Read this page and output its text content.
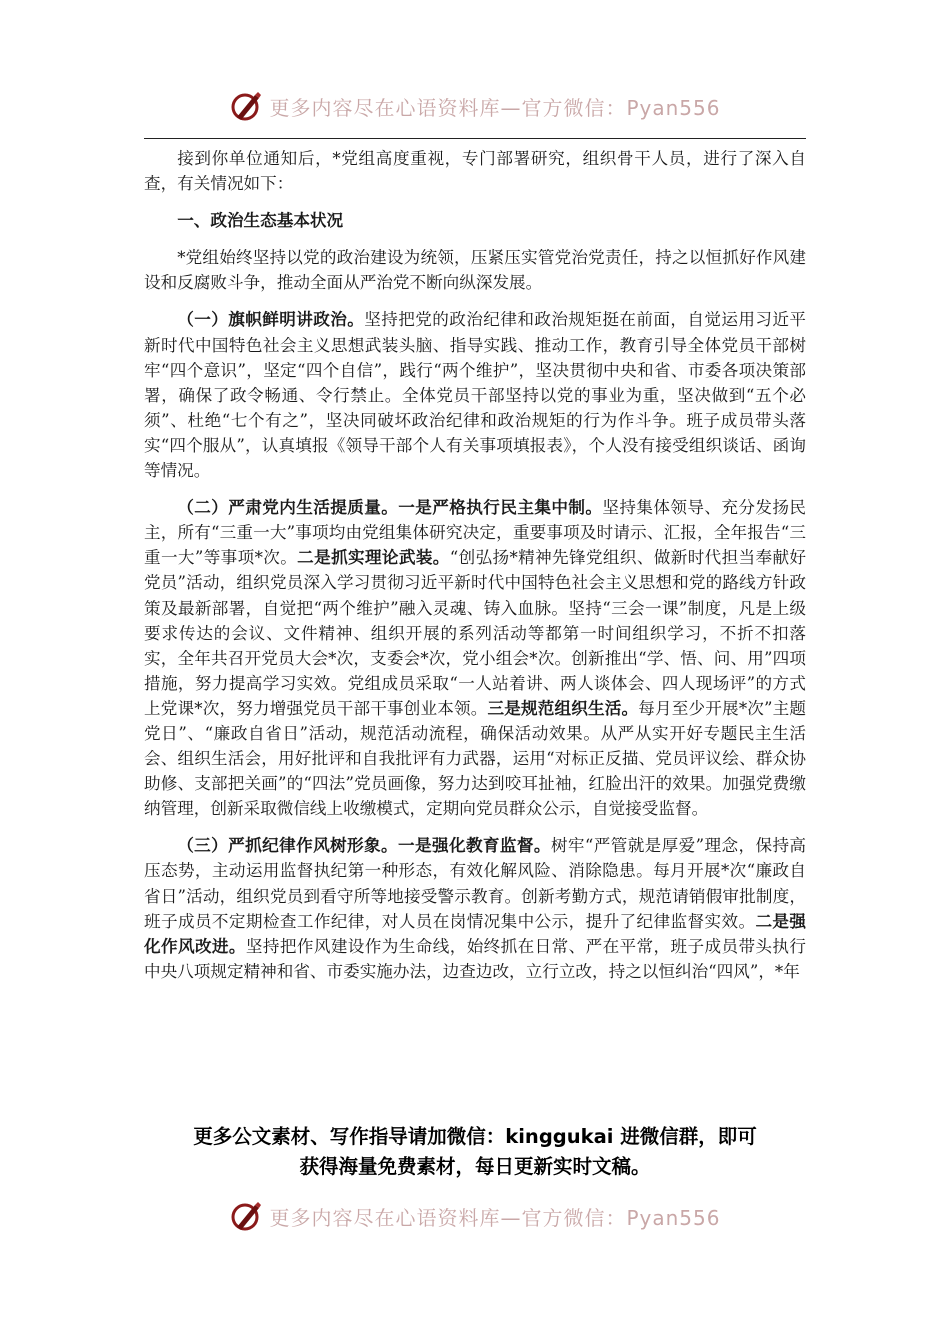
更多内容尽在心语资料库—官方微信：Pyan556

接到你单位通知后，*党组高度重视，专门部署研究，组织骨干人员，进行了深入自查，有关情况如下：

一、政治生态基本状况

*党组始终坚持以党的政治建设为统领，压紧压实管党治党责任，持之以恒抓好作风建设和反腐败斗争，推动全面从严治党不断向纵深发展。

（一）旗帜鲜明讲政治。坚持把党的政治纪律和政治规矩挺在前面，自觉运用习近平新时代中国特色社会主义思想武装头脑、指导实践、推动工作，教育引导全体党员干部树牢“四个意识”，坚定“四个自信”，践行“两个维护”，坚决贯彻中央和省、市委各项决策部署，确保了政令畅通、令行禁止。全体党员干部坚持以党的事业为重，坚决做到“五个必须”、杜绝“七个有之”，坚决同破坏政治纪律和政治规矩的行为作斗争。班子成员带头落实“四个服从”，认真填报《领导干部个人有关事项填报表》，个人没有接受组织谈话、函询等情况。

（二）严肃党内生活提质量。一是严格执行民主集中制。坚持集体领导、充分发扬民主，所有“三重一大”事项均由党组集体研究决定，重要事项及时请示、汇报，全年报告“三重一大”等事项*次。二是抓实理论武装。“创弘扬*精神先锋党组织、做新时代担当奉献好党员”活动，组织党员深入学习贯彻习近平新时代中国特色社会主义思想和党的路线方针政策及最新部署，自觉把“两个维护”融入灵魂、铸入血脉。坚持“三会一课”制度，凡是上级要求传达的会议、文件精神、组织开展的系列活动等都第一时间组织学习，不折不扣落实，全年共召开党员大会*次，支委会*次，党小组会*次。创新推出“学、悟、问、用”四项措施，努力提高学习实效。党组成员采取“一人站着讲、两人谈体会、四人现场评”的方式上党课*次，努力增强党员干部干事创业本领。三是规范组织生活。每月至少开展*次”主题党日”、“廉政自省日”活动，规范活动流程，确保活动效果。从严从实开好专题民主生活会、组织生活会，用好批评和自我批评有力武器，运用“对标正反描、党员评议绘、群众协助修、支部把关画”的“四法”党员画像，努力达到咬耳扯袖，红脸出汗的效果。加强党费缴纳管理，创新采取微信线上收缴模式，定期向党员群众公示，自觉接受监督。

（三）严抓纪律作风树形象。一是强化教育监督。树牢“严管就是厚爱”理念，保持高压态势，主动运用监督执纪第一种形态，有效化解风险、消除隐患。每月开展*次“廉政自省日”活动，组织党员到看守所等地接受警示教育。创新考勤方式，规范请销假审批制度，班子成员不定期检查工作纪律，对人员在岗情况集中公示，提升了纪律监督实效。二是强化作风改进。坚持把作风建设作为生命线，始终抓在日常、严在平常，班子成员带头执行中央八项规定精神和省、市委实施办法，边查边改，立行立改，持之以恒纠治“四风”，*年

更多公文素材、写作指导请加微信：kinggukai 进微信群，即可
获得海量免费素材，每日更新实时文稿。
更多内容尽在心语资料库—官方微信：Pyan556
